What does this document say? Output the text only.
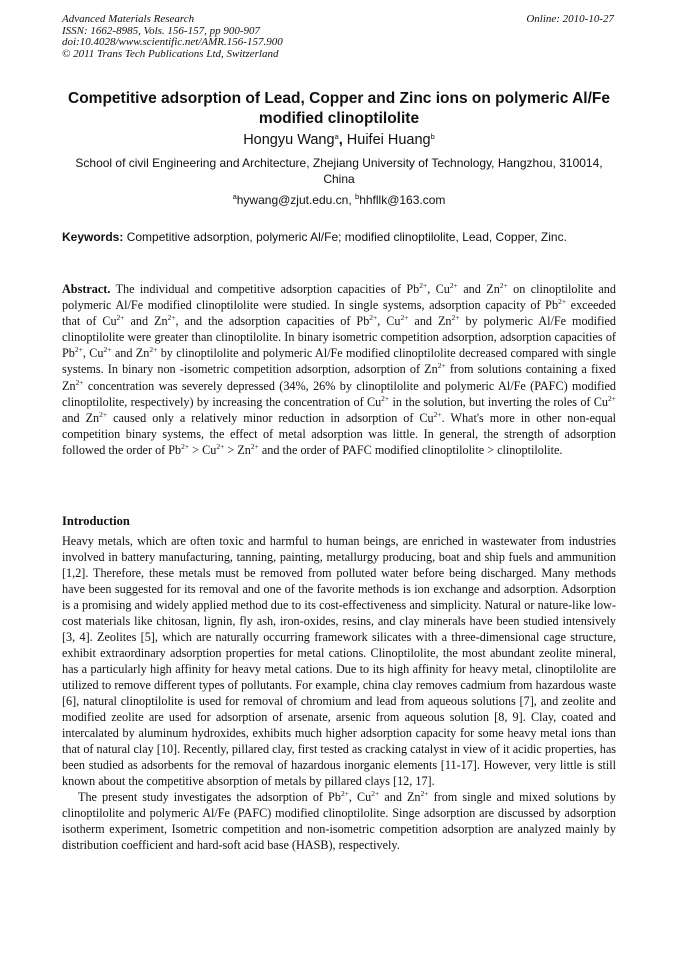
Advanced Materials Research
ISSN: 1662-8985, Vols. 156-157, pp 900-907
doi:10.4028/www.scientific.net/AMR.156-157.900
© 2011 Trans Tech Publications Ltd, Switzerland
Online: 2010-10-27
Competitive adsorption of Lead, Copper and Zinc ions on polymeric Al/Fe modified clinoptilolite
Hongyu Wang$^a$, Huifei Huang$^b$
School of civil Engineering and Architecture, Zhejiang University of Technology, Hangzhou, 310014, China
$^a$hywang@zjut.edu.cn, $^b$hhfllk@163.com
Keywords: Competitive adsorption, polymeric Al/Fe; modified clinoptilolite, Lead, Copper, Zinc.
Abstract. The individual and competitive adsorption capacities of $Pb^{2+}$, $Cu^{2+}$ and $Zn^{2+}$ on clinoptilolite and polymeric Al/Fe modified clinoptilolite were studied. In single systems, adsorption capacity of $Pb^{2+}$ exceeded that of $Cu^{2+}$ and $Zn^{2+}$, and the adsorption capacities of $Pb^{2+}$, $Cu^{2+}$ and $Zn^{2+}$ by polymeric Al/Fe modified clinoptilolite were greater than clinoptilolite. In binary isometric competition adsorption, adsorption capacities of $Pb^{2+}$, $Cu^{2+}$ and $Zn^{2+}$ by clinoptilolite and polymeric Al/Fe modified clinoptilolite decreased compared with single systems. In binary non -isometric competition adsorption, adsorption of $Zn^{2+}$ from solutions containing a fixed $Zn^{2+}$ concentration was severely depressed (34%, 26% by clinoptilolite and polymeric Al/Fe (PAFC) modified clinoptilolite, respectively) by increasing the concentration of $Cu^{2+}$ in the solution, but inverting the roles of $Cu^{2+}$ and $Zn^{2+}$ caused only a relatively minor reduction in adsorption of $Cu^{2+}$. What's more in other non-equal competition binary systems, the effect of metal adsorption was little. In general, the strength of adsorption followed the order of $Pb^{2+} > Cu^{2+} > Zn^{2+}$ and the order of PAFC modified clinoptilolite > clinoptilolite.
Introduction

Heavy metals, which are often toxic and harmful to human beings, are enriched in wastewater from industries involved in battery manufacturing, tanning, painting, metallurgy producing, boat and ship fuels and ammunition [1,2]. Therefore, these metals must be removed from polluted water before being discharged. Many methods have been suggested for its removal and one of the favorite methods is ion exchange and adsorption. Adsorption is a promising and widely applied method due to its cost-effectiveness and simplicity. Natural or nature-like low-cost materials like chitosan, lignin, fly ash, iron-oxides, resins, and clay minerals have been studied intensively [3, 4]. Zeolites [5], which are naturally occurring framework silicates with a three-dimensional cage structure, exhibit extraordinary adsorption properties for metal cations. Clinoptilolite, the most abundant zeolite mineral, has a particularly high affinity for heavy metal cations. Due to its high affinity for heavy metal, clinoptilolite are utilized to remove different types of pollutants. For example, china clay removes cadmium from hazardous waste [6], natural clinoptilolite is used for removal of chromium and lead from aqueous solutions [7], and zeolite and modified zeolite are used for adsorption of arsenate, arsenic from aqueous solution [8, 9]. Clay, coated and intercalated by aluminum hydroxides, exhibits much higher adsorption capacity for some heavy metal ions than that of natural clay [10]. Recently, pillared clay, first tested as cracking catalyst in view of it acidic properties, has been studied as adsorbents for the removal of hazardous inorganic elements [11-17]. However, very little is still known about the competitive absorption of metals by pillared clays [12, 17].

The present study investigates the adsorption of $Pb^{2+}$, $Cu^{2+}$ and $Zn^{2+}$ from single and mixed solutions by clinoptilolite and polymeric Al/Fe (PAFC) modified clinoptilolite. Singe adsorption are discussed by adsorption isotherm experiment, Isometric competition and non-isometric competition adsorption are analyzed mainly by distribution coefficient and hard-soft acid base (HASB), respectively.
